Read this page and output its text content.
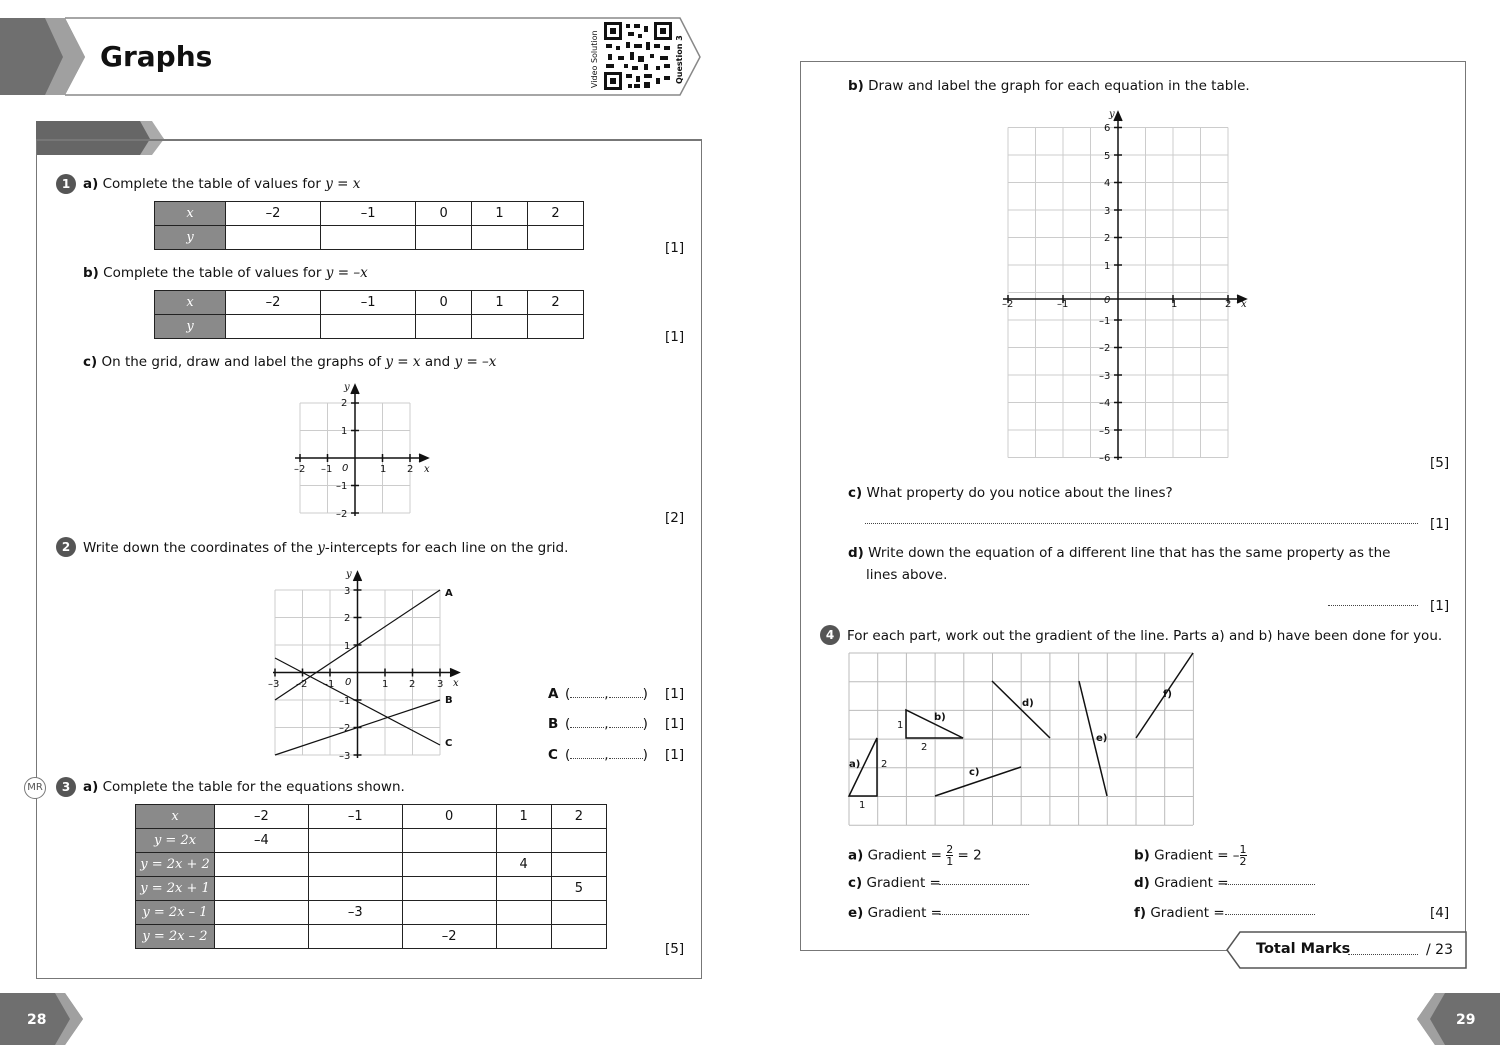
Graphs	Video Solution	Question 3
1 a) Complete the table of values for y = x
x	–2	–1	0	1	2
y					
[1]
b) Complete the table of values for y = –x
x	–2	–1	0	1	2
y					
[1]
c) On the grid, draw and label the graphs of y = x and y = –x
y
x
–2 –1	1 2
2
1
–1
–2
0
[2]
2 Write down the coordinates of the y-intercepts for each line on the grid.
y
x
–3 –2 –1	1 2 3
3
2
1
–1
–2
–3
0
A
B
C
A (	,	) [1]
B (	,	) [1]
C (	,	) [1]
MR	3 a) Complete the table for the equations shown.
x	–2	–1	0	1	2
y = 2x	–4				
y = 2x + 2				4	
y = 2x + 1					5
y = 2x – 1		–3			
y = 2x – 2			–2		
[5]
28
b) Draw and label the graph for each equation in the table.
y
x
–2	–1	1	2
6
5
4
3
2
1
–1
–2
–3
–4
–5
–6
0
[5]
c) What property do you notice about the lines?
[1]
d) Write down the equation of a different line that has the same property as the
lines above.
[1]
4 For each part, work out the gradient of the line. Parts a) and b) have been done for you.
a) 2
1
b)
1
2
c)
d)
e)
f)
a) Gradient = $\frac{2}{1} = 2$	b) Gradient = – $\frac{1}{2}$
c) Gradient =	d) Gradient =
e) Gradient =	f) Gradient =	[4]
Total Marks	/ 23
29
